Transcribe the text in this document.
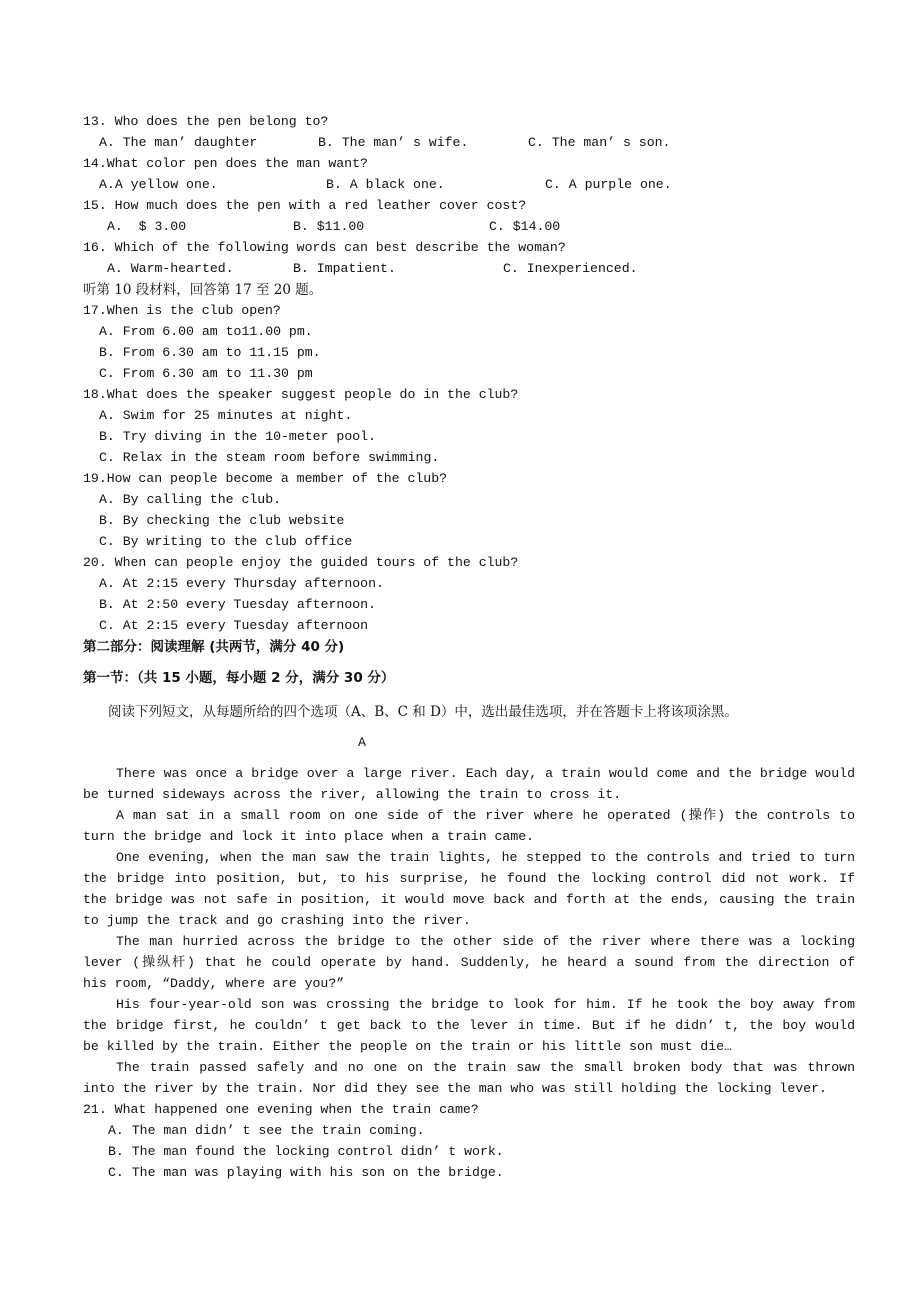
13. Who does the pen belong to?
A. The man’ daughter	B. The man’ s wife.	C. The man’ s son.
14.What color pen does the man want?
A.A yellow one.	B. A black one.	C. A purple one.
15. How much does the pen with a red leather cover cost?
A.  $ 3.00	B. $11.00	C. $14.00
16. Which of the following words can best describe the woman?
A. Warm-hearted.	B. Impatient.	C. Inexperienced.
听第 10 段材料，回答第 17 至 20 题。
17.When is the club open?
A. From 6.00 am to11.00 pm.
B. From 6.30 am to 11.15 pm.
C. From 6.30 am to 11.30 pm
18.What does the speaker suggest people do in the club?
A. Swim for 25 minutes at night.
B. Try diving in the 10-meter pool.
C. Relax in the steam room before swimming.
19.How can people become a member of the club?
A. By calling the club.
B. By checking the club website
C. By writing to the club office
20. When can people enjoy the guided tours of the club?
A. At 2:15 every Thursday afternoon.
B. At 2:50 every Tuesday afternoon.
C. At 2:15 every Tuesday afternoon
第二部分：阅读理解 (共两节，满分 40 分)
第一节：（共 15 小题，每小题 2 分，满分 30 分）
阅读下列短文，从每题所给的四个选项（A、B、C 和 D）中，选出最佳选项，并在答题卡上将该项涂黑。
A
There was once a bridge over a large river. Each day, a train would come and the bridge would
be turned sideways across the river, allowing the train to cross it.
A man sat in a small room on one side of the river where he operated (操作) the controls to
turn the bridge and lock it into place when a train came.
One evening, when the man saw the train lights, he stepped to the controls and tried to turn
the bridge into position, but, to his surprise, he found the locking control did not work. If
the bridge was not safe in position, it would move back and forth at the ends, causing the train
to jump the track and go crashing into the river.
The man hurried across the bridge to the other side of the river where there was a locking
lever (操纵杆) that he could operate by hand. Suddenly, he heard a sound from the direction of
his room, “Daddy, where are you?”
His four-year-old son was crossing the bridge to look for him. If he took the boy away from
the bridge first, he couldn’ t get back to the lever in time. But if he didn’ t, the boy would
be killed by the train. Either the people on the train or his little son must die…
The train passed safely and no one on the train saw the small broken body that was thrown
into the river by the train. Nor did they see the man who was still holding the locking lever.
21. What happened one evening when the train came?
A. The man didn’ t see the train coming.
B. The man found the locking control didn’ t work.
C. The man was playing with his son on the bridge.
